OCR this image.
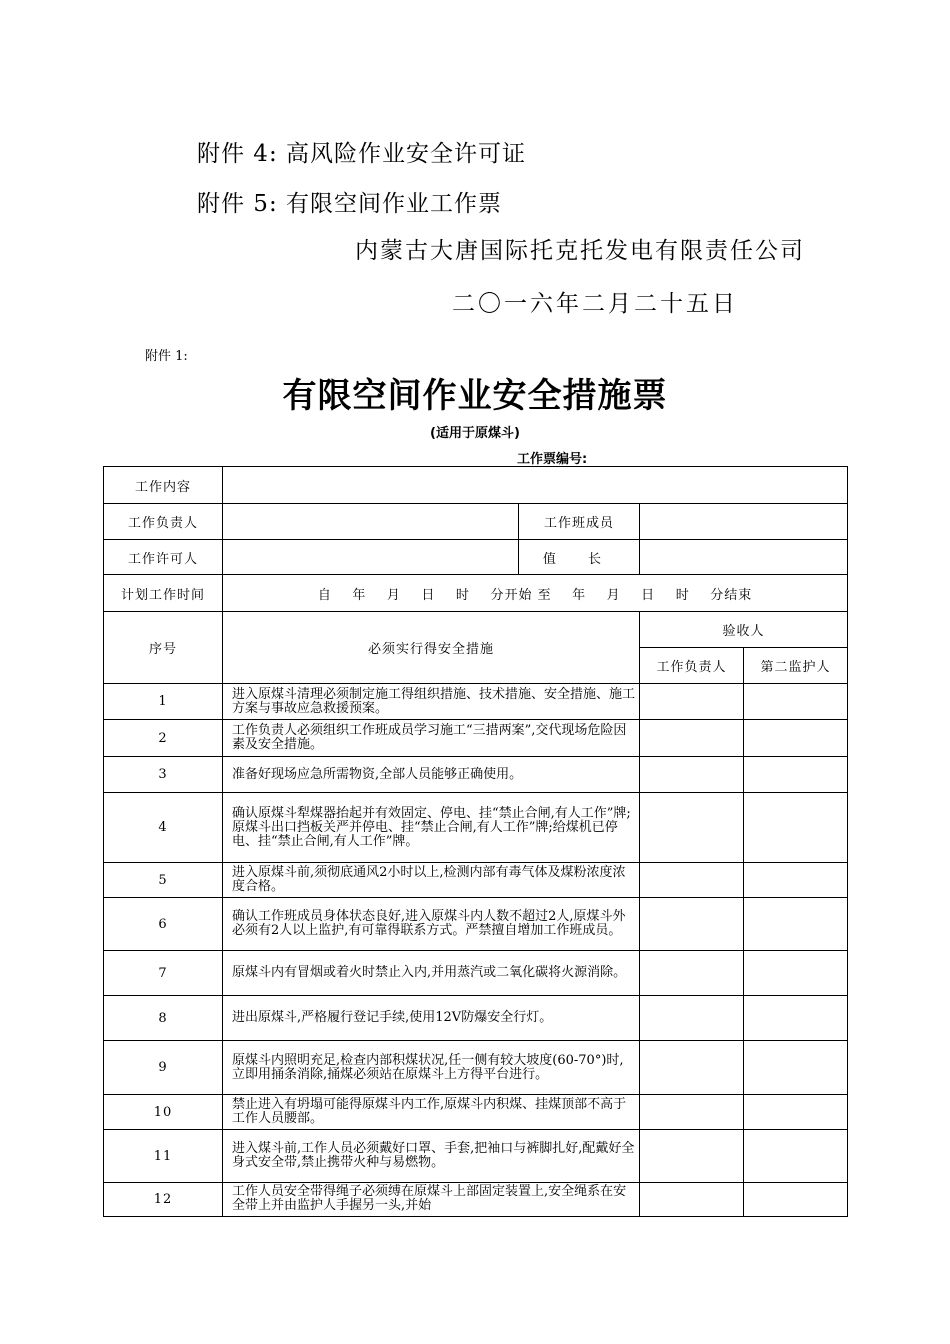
附件 4: 高风险作业安全许可证
附件 5: 有限空间作业工作票
内蒙古大唐国际托克托发电有限责任公司
二〇一六年二月二十五日
附件 1:
有限空间作业安全措施票
(适用于原煤斗)
工作票编号:
工作内容				
工作负责人		工作班成员		
工作许可人		值 长		
计划工作时间	自    年    月    日    时    分开始 至    年    月    日    时    分结束			
序号	必须实行得安全措施		验收人	
			工作负责人	第二监护人
1	进入原煤斗清理必须制定施工得组织措施、技术措施、安全措施、施工方案与事故应急救援预案。			
2	工作负责人必须组织工作班成员学习施工“三措两案”,交代现场危险因素及安全措施。			
3	准备好现场应急所需物资,全部人员能够正确使用。			
4	确认原煤斗犁煤器抬起并有效固定、停电、挂“禁止合闸,有人工作”牌;原煤斗出口挡板关严并停电、挂“禁止合闸,有人工作”牌;给煤机已停电、挂“禁止合闸,有人工作”牌。			
5	进入原煤斗前,须彻底通风2小时以上,检测内部有毒气体及煤粉浓度浓度合格。			
6	确认工作班成员身体状态良好,进入原煤斗内人数不超过2人,原煤斗外必须有2人以上监护,有可靠得联系方式。严禁擅自增加工作班成员。			
7	原煤斗内有冒烟或着火时禁止入内,并用蒸汽或二氧化碳将火源消除。			
8	进出原煤斗,严格履行登记手续,使用12V防爆安全行灯。			
9	原煤斗内照明充足,检查内部积煤状况,任一侧有较大坡度(60-70°)时,立即用捅条消除,捅煤必须站在原煤斗上方得平台进行。			
10	禁止进入有坍塌可能得原煤斗内工作,原煤斗内积煤、挂煤顶部不高于工作人员腰部。			
11	进入煤斗前,工作人员必须戴好口罩、手套,把袖口与裤脚扎好,配戴好全身式安全带,禁止携带火种与易燃物。			
12	工作人员安全带得绳子必须缚在原煤斗上部固定装置上,安全绳系在安全带上并由监护人手握另一头,并始			
